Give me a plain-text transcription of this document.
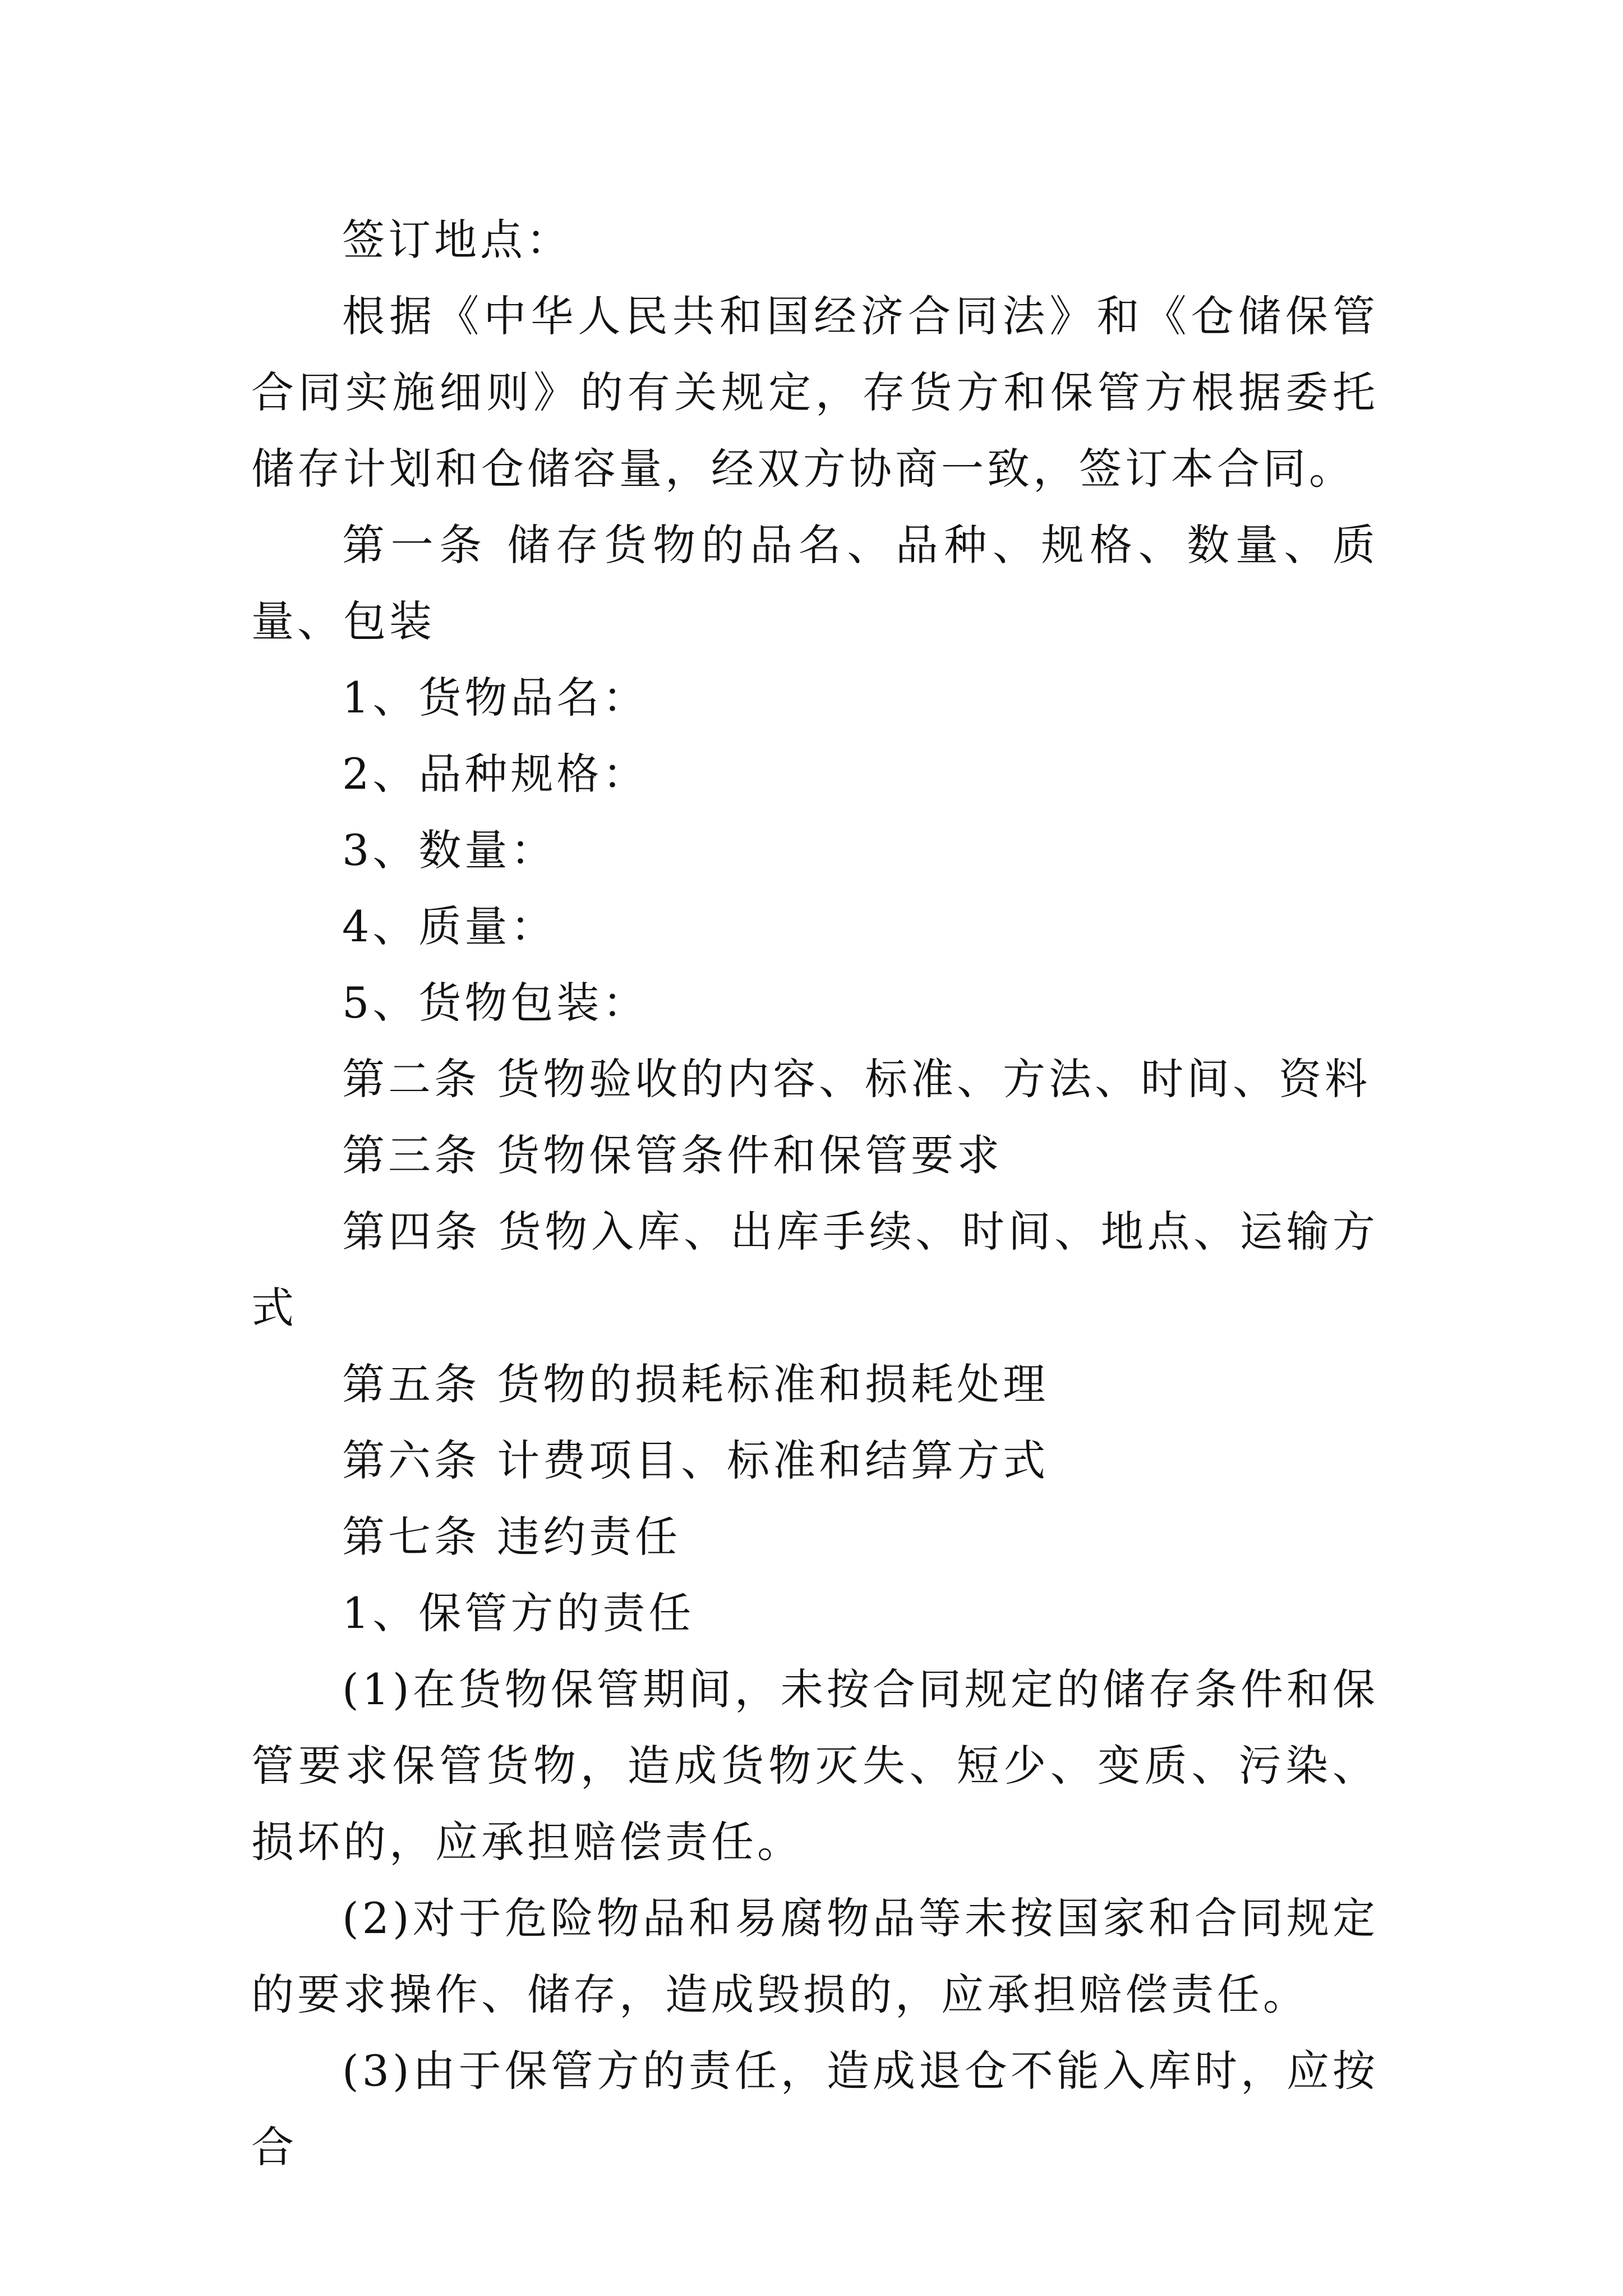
签订地点：

根据《中华人民共和国经济合同法》和《仓储保管合同实施细则》的有关规定，存货方和保管方根据委托储存计划和仓储容量，经双方协商一致，签订本合同。

第一条 储存货物的品名、品种、规格、数量、质量、包装

1、货物品名：

2、品种规格：

3、数量：

4、质量：

5、货物包装：

第二条 货物验收的内容、标准、方法、时间、资料

第三条 货物保管条件和保管要求

第四条 货物入库、出库手续、时间、地点、运输方式

第五条 货物的损耗标准和损耗处理

第六条 计费项目、标准和结算方式

第七条 违约责任

1、保管方的责任

(1)在货物保管期间，未按合同规定的储存条件和保管要求保管货物，造成货物灭失、短少、变质、污染、损坏的，应承担赔偿责任。

(2)对于危险物品和易腐物品等未按国家和合同规定的要求操作、储存，造成毁损的，应承担赔偿责任。

(3)由于保管方的责任，造成退仓不能入库时，应按合
